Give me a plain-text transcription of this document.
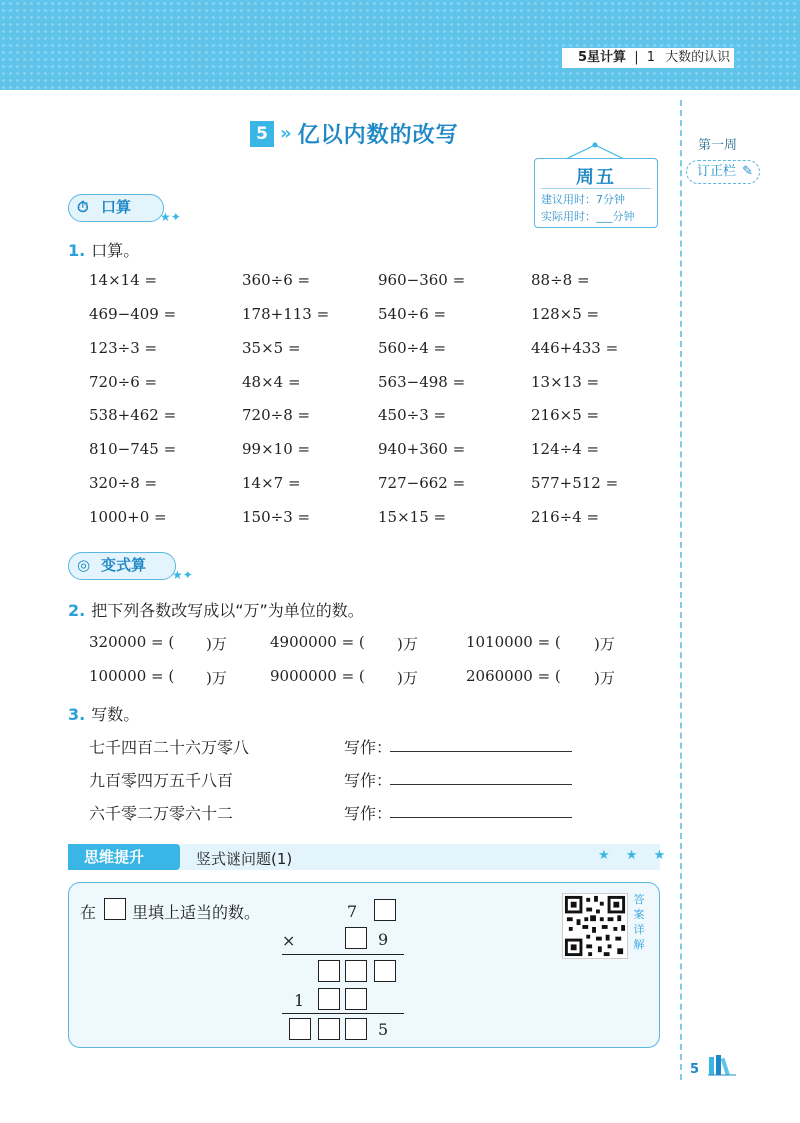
5星计算 | 1 大数的认识
第一周
订正栏 ✎
5 » 亿以内数的改写
周五
建议用时：7分钟
实际用时：___分钟
⏱ 口算
★✦
1. 口算。
14×14 =	360÷6 =	960−360 =	88÷8 =
469−409 =	178+113 =	540÷6 =	128×5 =
123÷3 =	35×5 =	560÷4 =	446+433 =
720÷6 =	48×4 =	563−498 =	13×13 =
538+462 =	720÷8 =	450÷3 =	216×5 =
810−745 =	99×10 =	940+360 =	124÷4 =
320÷8 =	14×7 =	727−662 =	577+512 =
1000+0 =	150÷3 =	15×15 =	216÷4 =
◎ 变式算
★✦
2. 把下列各数改写成以“万”为单位的数。
320000 = ( )万	4900000 = ( )万	1010000 = ( )万
100000 = ( )万	9000000 = ( )万	2060000 = ( )万
3. 写数。
七千四百二十六万零八	写作：
九百零四万五千八百	写作：
六千零二万零六十二	写作：
思维提升	竖式谜问题(1)	★ ★ ★
在 里填上适当的数。	7
×	9
1
5
答案详解
5
